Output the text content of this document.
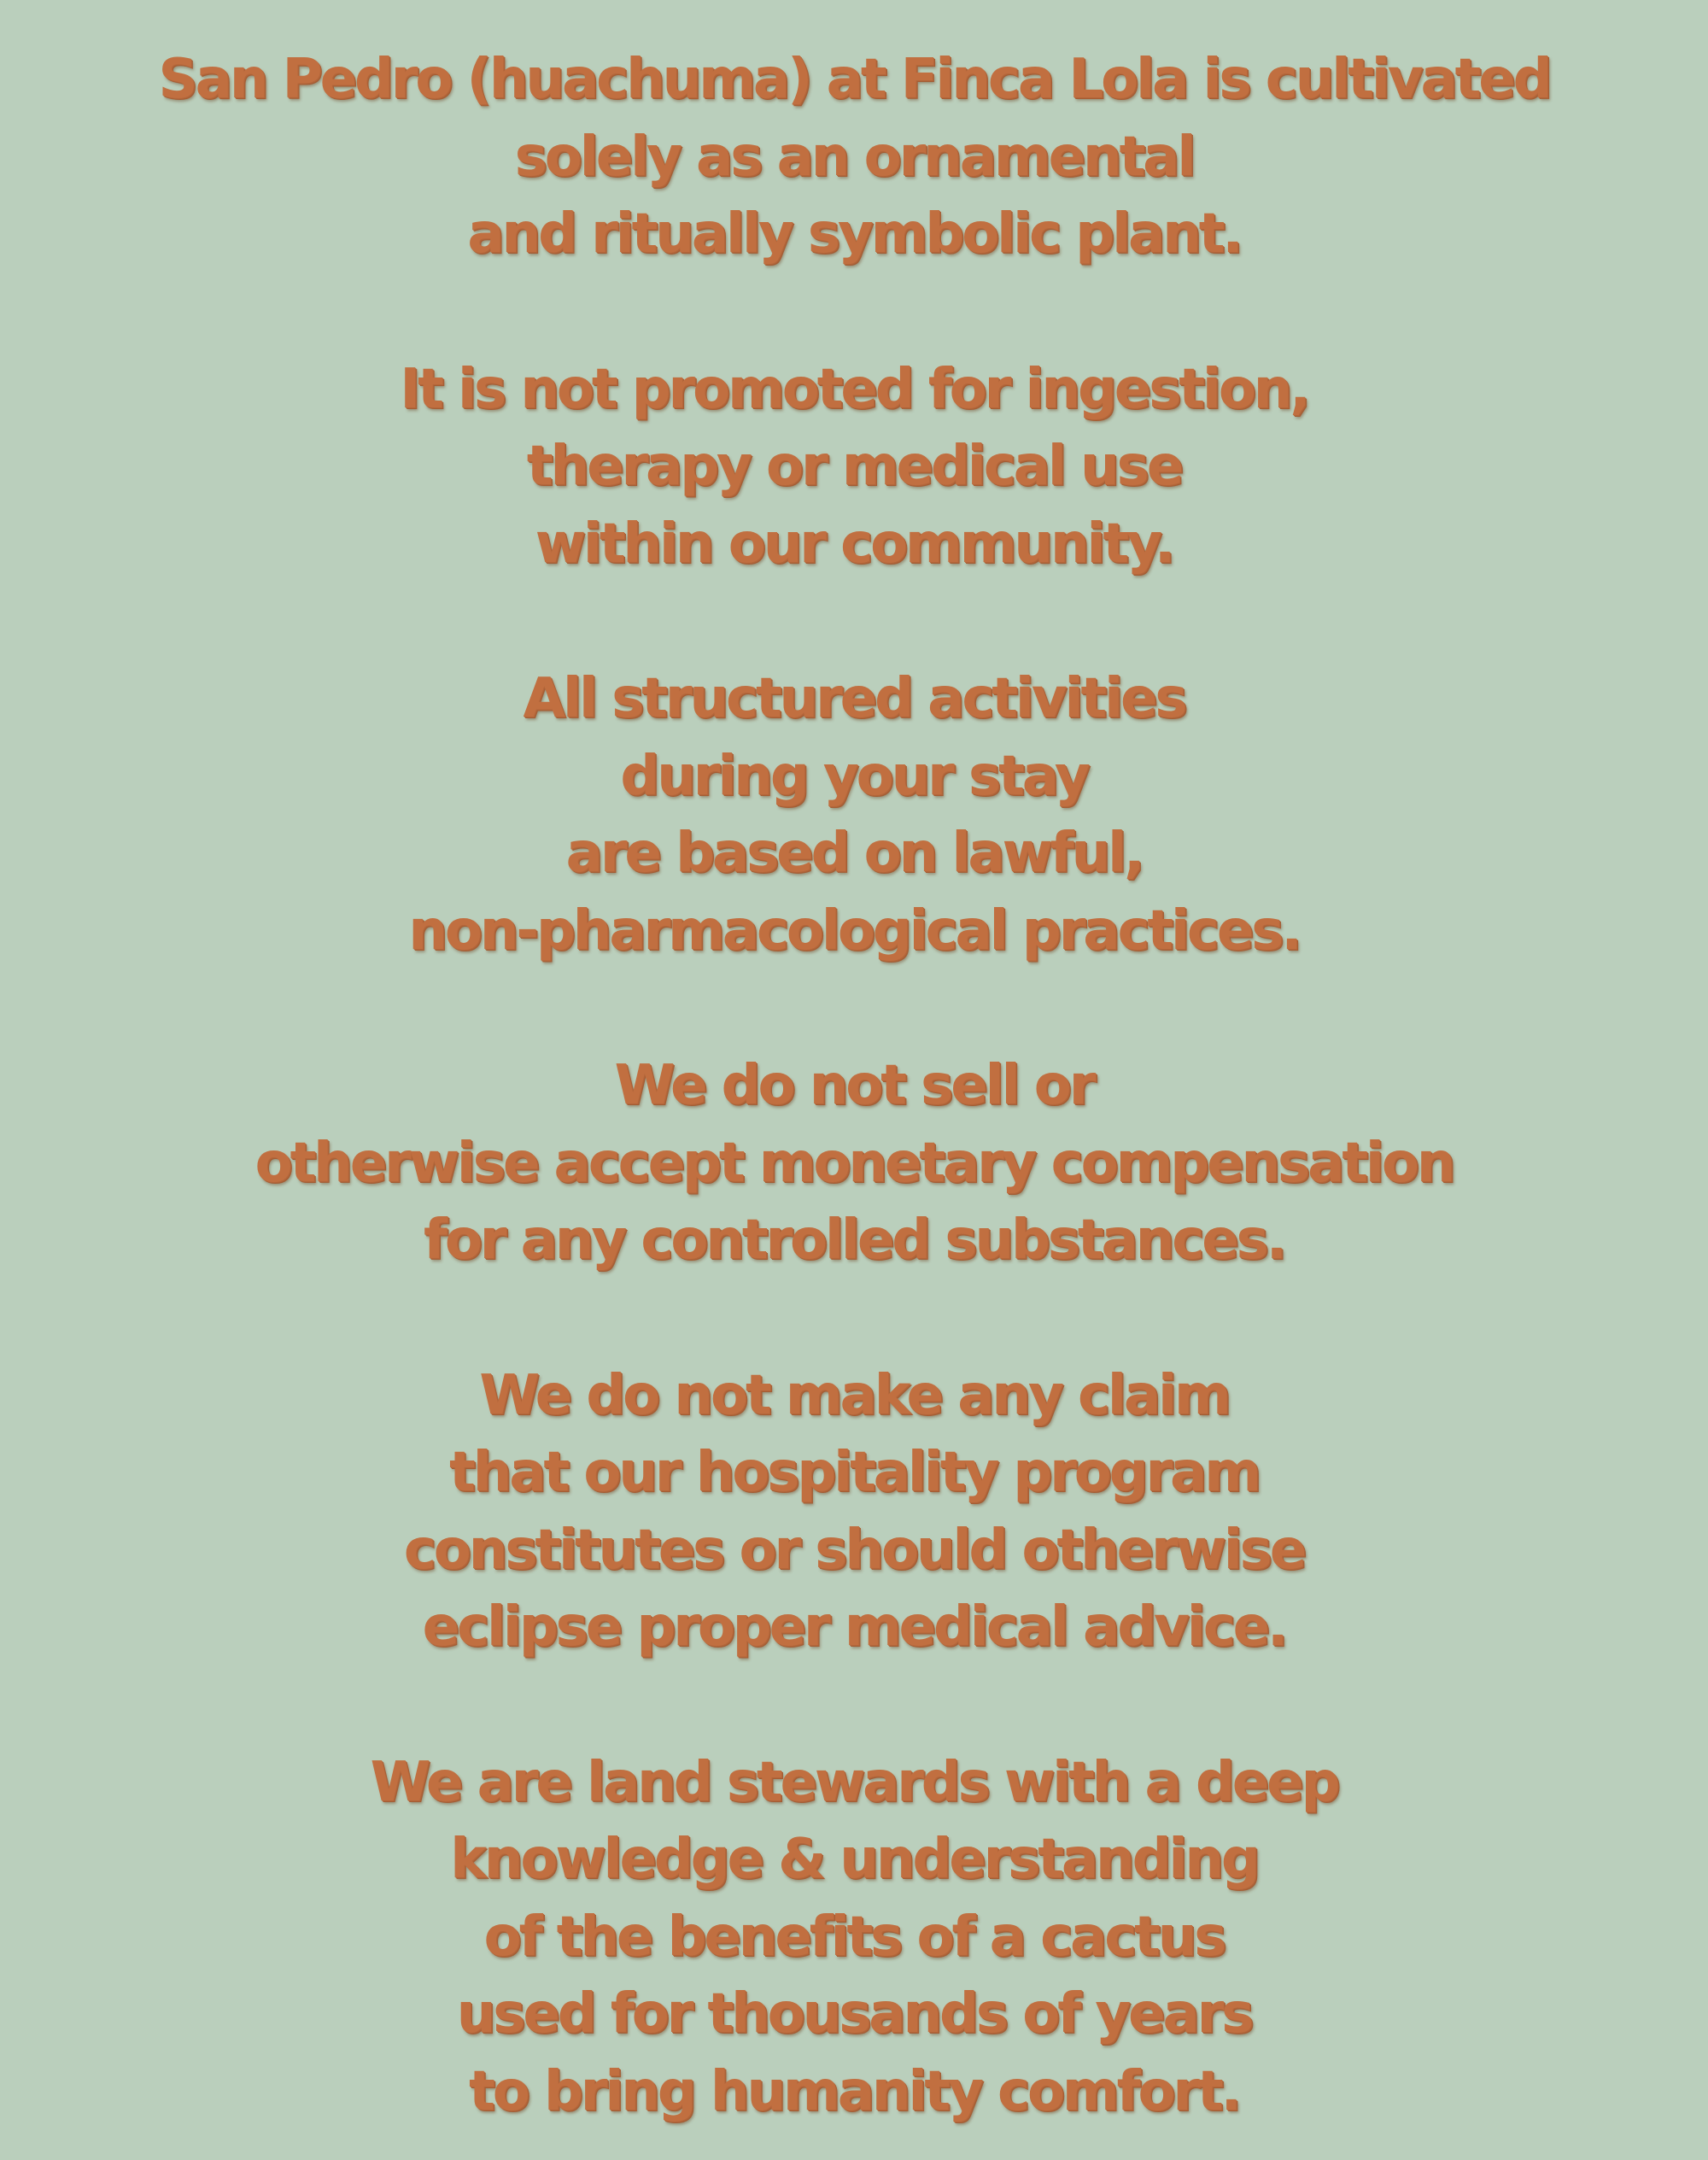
San Pedro (huachuma) at Finca Lola is cultivated
solely as an ornamental
and ritually symbolic plant.
It is not promoted for ingestion,
therapy or medical use
within our community.
All structured activities
during your stay
are based on lawful,
non-pharmacological practices.
We do not sell or
otherwise accept monetary compensation
for any controlled substances.
We do not make any claim
that our hospitality program
constitutes or should otherwise
eclipse proper medical advice.
We are land stewards with a deep
knowledge & understanding
of the benefits of a cactus
used for thousands of years
to bring humanity comfort.
